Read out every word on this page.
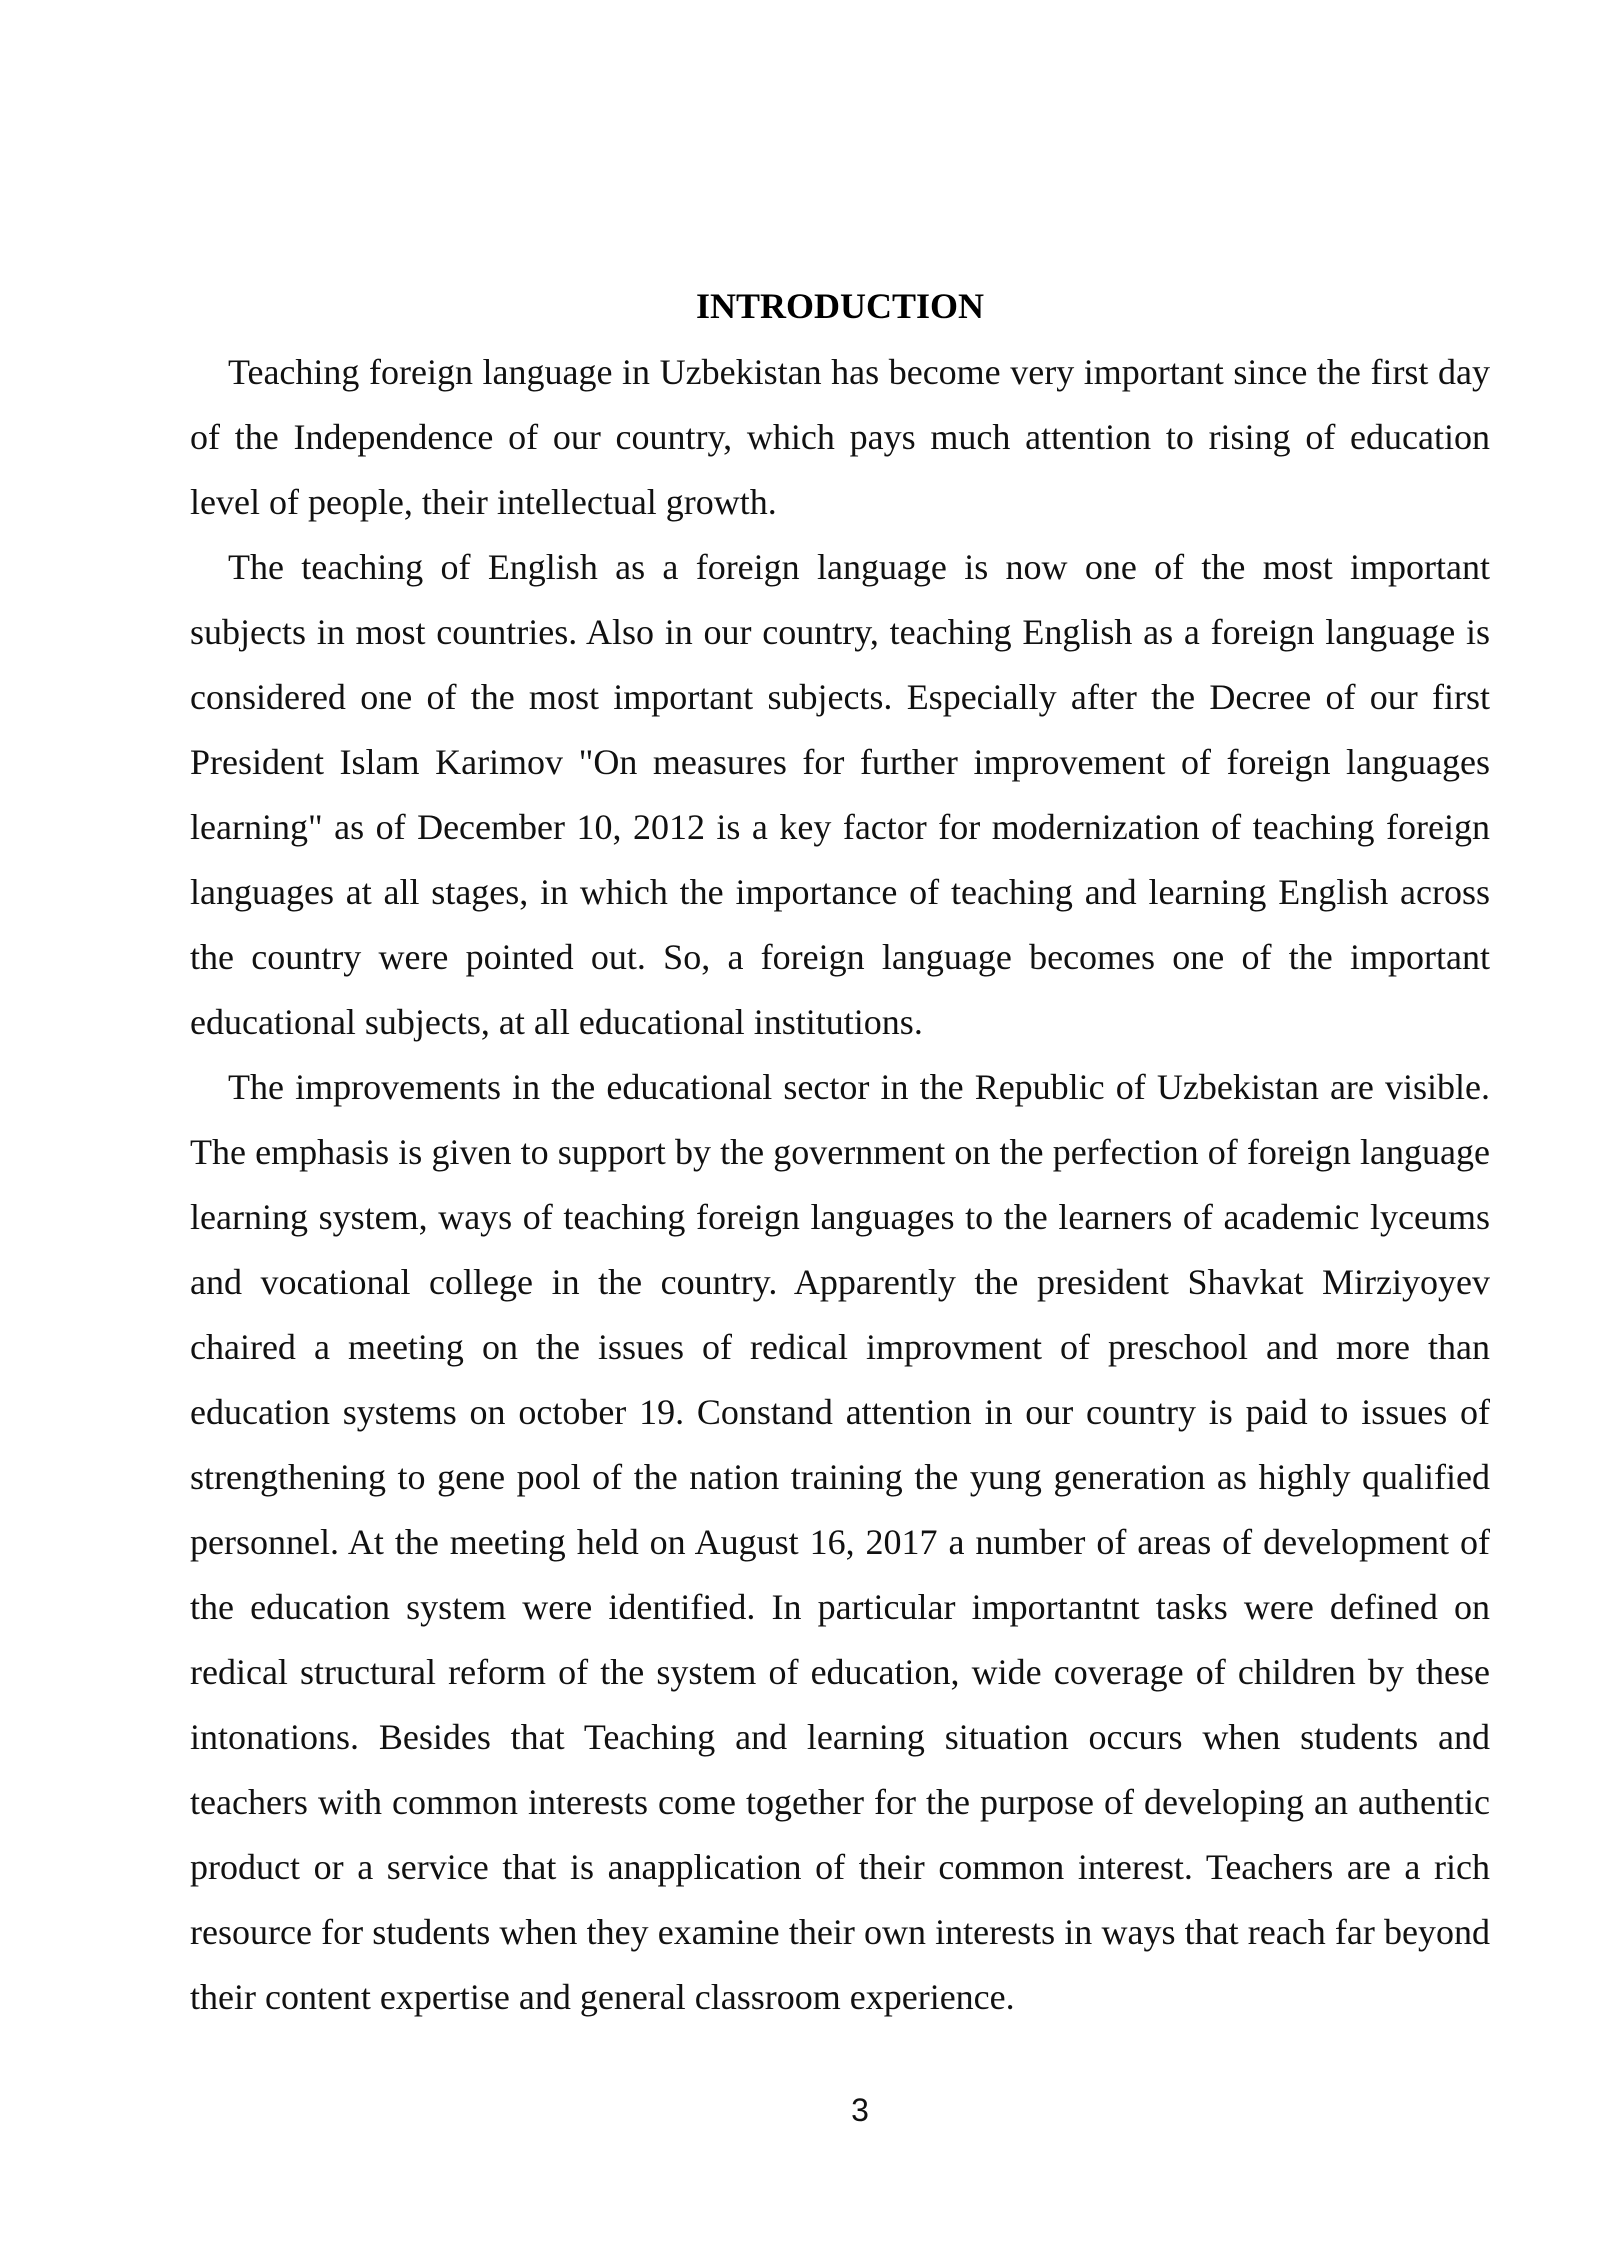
INTRODUCTION

Teaching foreign language in Uzbekistan has become very important since the first day of the Independence of our country, which pays much attention to rising of education level of people, their intellectual growth.

The teaching of English as a foreign language is now one of the most important subjects in most countries. Also in our country, teaching English as a foreign language is considered one of the most important subjects. Especially after the Decree of our first President Islam Karimov "On measures for further improvement of foreign languages learning" as of December 10, 2012 is a key factor for modernization of teaching foreign languages at all stages, in which the importance of teaching and learning English across the country were pointed out. So, a foreign language becomes one of the important educational subjects, at all educational institutions.

The improvements in the educational sector in the Republic of Uzbekistan are visible. The emphasis is given to support by the government on the perfection of foreign language learning system, ways of teaching foreign languages to the learners of academic lyceums and vocational college in the country. Apparently the president Shavkat Mirziyoyev chaired a meeting on the issues of redical improvment of preschool and more than education systems on october 19. Constand attention in our country is paid to issues of strengthening to gene pool of the nation training the yung generation as highly qualified personnel. At the meeting held on August 16, 2017 a number of areas of development of the education system were identified. In particular importantnt tasks were defined on redical structural reform of the system of education, wide coverage of children by these intonations. Besides that Teaching and learning situation occurs when students and teachers with common interests come together for the purpose of developing an authentic product or a service that is anapplication of their common interest. Teachers are a rich resource for students when they examine their own interests in ways that reach far beyond their content expertise and general classroom experience.

3
